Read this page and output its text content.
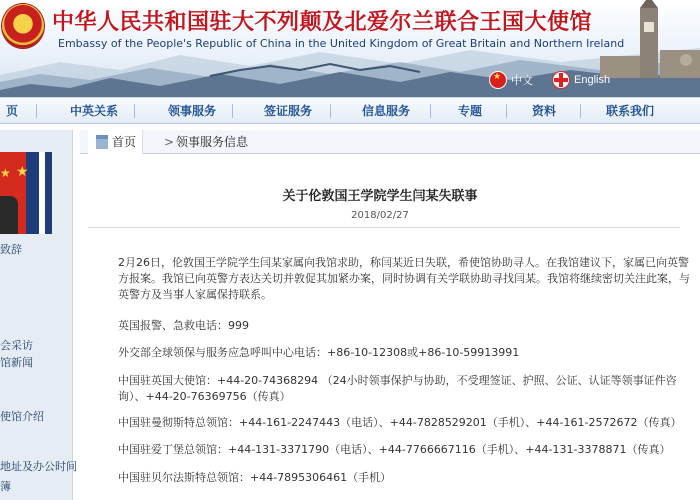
中华人民共和国驻大不列颠及北爱尔兰联合王国大使馆
Embassy of the People's Republic of China in the United Kingdom of Great Britain and Northern Ireland
★
中文	English
页	中英关系	领事服务	签证服务	信息服务	专题	资料	联系我们
★ ★
致辞
会采访
馆新闻
使馆介绍
地址及办公时间
簿
首页	> 领事服务信息
关于伦敦国王学院学生闫某失联事
2018/02/27
2月26日，伦敦国王学院学生闫某家属向我馆求助，称闫某近日失联，希使馆协助寻人。在我馆建议下，家属已向英警方报案。我馆已向英警方表达关切并敦促其加紧办案，同时协调有关学联协助寻找闫某。我馆将继续密切关注此案，与英警方及当事人家属保持联系。
英国报警、急救电话：999
外交部全球领保与服务应急呼叫中心电话：+86-10-12308或+86-10-59913991
中国驻英国大使馆：+44-20-74368294 （24小时领事保护与协助，不受理签证、护照、公证、认证等领事证件咨询）、+44-20-76369756（传真）
中国驻曼彻斯特总领馆：+44-161-2247443（电话）、+44-7828529201（手机）、+44-161-2572672（传真）
中国驻爱丁堡总领馆：+44-131-3371790（电话）、+44-7766667116（手机）、+44-131-3378871（传真）
中国驻贝尔法斯特总领馆：+44-7895306461（手机）
